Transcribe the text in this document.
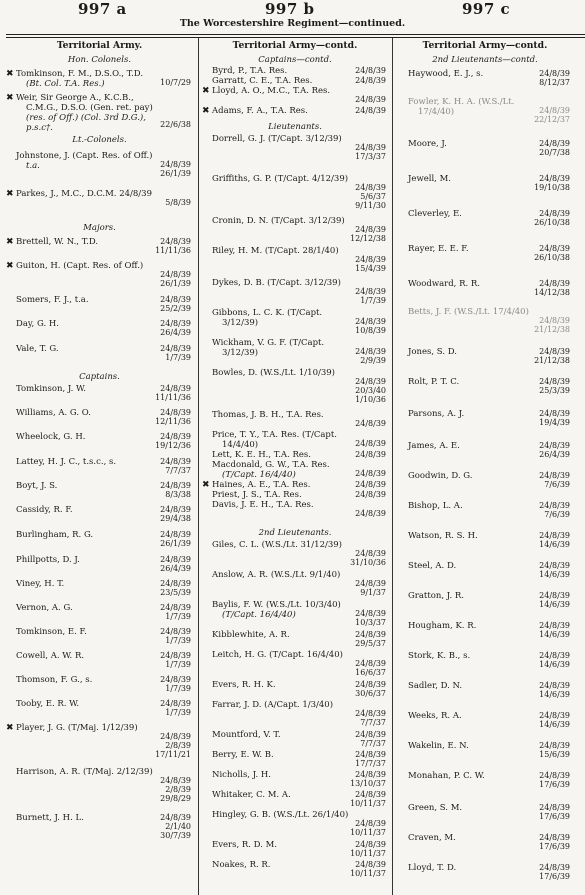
997 a	997 b	997 c
The Worcestershire Regiment—continued.
Territorial Army.
Hon. Colonels.
✖ Tomkinson, F. M., D.S.O., T.D.
(Bt. Col. T.A. Res.)	10/7/29
✖ Weir, Sir George A., K.C.B.,
C.M.G., D.S.O. (Gen. ret. pay)
(res. of Off.) (Col. 3rd D.G.),
p.s.c†.	22/6/38
Lt.-Colonels.
Johnstone, J. (Capt. Res. of Off.)
t.a.	24/8/39
26/1/39
✖ Parkes, J., M.C., D.C.M. 24/8/39
5/8/39
Majors.
✖ Brettell, W. N., T.D.	24/8/39
11/11/36
✖ Guiton, H. (Capt. Res. of Off.)
24/8/39
26/1/39
Somers, F. J., t.a.	24/8/39
25/2/39
Day, G. H.	24/8/39
26/4/39
Vale, T. G.	24/8/39
1/7/39
Captains.
Tomkinson, J. W.	24/8/39
11/11/36
Williams, A. G. O.	24/8/39
12/11/36
Wheelock, G. H.	24/8/39
19/12/36
Lattey, H. J. C., t.s.c., s.	24/8/39
7/7/37
Boyt, J. S.	24/8/39
8/3/38
Cassidy, R. F.	24/8/39
29/4/38
Burlingham, R. G.	24/8/39
26/1/39
Phillpotts, D. J.	24/8/39
26/4/39
Viney, H. T.	24/8/39
23/5/39
Vernon, A. G.	24/8/39
1/7/39
Tomkinson, E. F.	24/8/39
1/7/39
Cowell, A. W. R.	24/8/39
1/7/39
Thomson, F. G., s.	24/8/39
1/7/39
Tooby, E. R. W.	24/8/39
1/7/39
✖ Player, J. G. (T/Maj. 1/12/39)
24/8/39
2/8/39
17/11/21
Harrison, A. R. (T/Maj. 2/12/39)
24/8/39
2/8/39
29/8/29
Burnett, J. H. L.	24/8/39
2/1/40
30/7/39
Territorial Army—contd.
Captains—contd.
Byrd, P., T.A. Res.	24/8/39
Garratt, C. E., T.A. Res.	24/8/39
✖ Lloyd, A. O., M.C., T.A. Res.
24/8/39
✖ Adams, F. A., T.A. Res.	24/8/39
Lieutenants.
Dorrell, G. J. (T/Capt. 3/12/39)
24/8/39
17/3/37
Griffiths, G. P. (T/Capt. 4/12/39)
24/8/39
5/6/37
9/11/30
Cronin, D. N. (T/Capt. 3/12/39)
24/8/39
12/12/38
Riley, H. M. (T/Capt. 28/1/40)
24/8/39
15/4/39
Dykes, D. B. (T/Capt. 3/12/39)
24/8/39
1/7/39
Gibbons, L. C. K. (T/Capt.
3/12/39)	24/8/39
10/8/39
Wickham, V. G. F. (T/Capt.
3/12/39)	24/8/39
2/9/39
Bowles, D. (W.S./Lt. 1/10/39)
24/8/39
20/3/40
1/10/36
Thomas, J. B. H., T.A. Res.
24/8/39
Price, T. Y., T.A. Res. (T/Capt.
14/4/40)	24/8/39
Lett, K. E. H., T.A. Res.	24/8/39
Macdonald, G. W., T.A. Res.
(T/Capt. 16/4/40)	24/8/39
✖ Haines, A. E., T.A. Res.	24/8/39
Priest, J. S., T.A. Res.	24/8/39
Davis, J. E. H., T.A. Res.
24/8/39
2nd Lieutenants.
Giles, C. L. (W.S./Lt. 31/12/39)
24/8/39
31/10/36
Anslow, A. R. (W.S./Lt. 9/1/40)
24/8/39
9/1/37
Baylis, F. W. (W.S./Lt. 10/3/40)
(T/Capt. 16/4/40)	24/8/39
10/3/37
Kibblewhite, A. R.	24/8/39
29/5/37
Leitch, H. G. (T/Capt. 16/4/40)
24/8/39
16/6/37
Evers, R. H. K.	24/8/39
30/6/37
Farrar, J. D. (A/Capt. 1/3/40)
24/8/39
7/7/37
Mountford, V. T.	24/8/39
7/7/37
Berry, E. W. B.	24/8/39
17/7/37
Nicholls, J. H.	24/8/39
13/10/37
Whitaker, C. M. A.	24/8/39
10/11/37
Hingley, G. B. (W.S./Lt. 26/1/40)
24/8/39
10/11/37
Evers, R. D. M.	24/8/39
10/11/37
Noakes, R. R.	24/8/39
10/11/37
Territorial Army—contd.
2nd Lieutenants—contd.
Haywood, E. J., s.	24/8/39
8/12/37
Fowler, K. H. A. (W.S./Lt.
17/4/40)	24/8/39
22/12/37
Moore, J.	24/8/39
20/7/38
Jewell, M.	24/8/39
19/10/38
Cleverley, E.	24/8/39
26/10/38
Rayer, E. E. F.	24/8/39
26/10/38
Woodward, R. R.	24/8/39
14/12/38
Betts, J. F. (W.S./Lt. 17/4/40)
24/8/39
21/12/38
Jones, S. D.	24/8/39
21/12/38
Rolt, P. T. C.	24/8/39
25/3/39
Parsons, A. J.	24/8/39
19/4/39
James, A. E.	24/8/39
26/4/39
Goodwin, D. G.	24/8/39
7/6/39
Bishop, L. A.	24/8/39
7/6/39
Watson, R. S. H.	24/8/39
14/6/39
Steel, A. D.	24/8/39
14/6/39
Gratton, J. R.	24/8/39
14/6/39
Hougham, K. R.	24/8/39
14/6/39
Stork, K. B., s.	24/8/39
14/6/39
Sadler, D. N.	24/8/39
14/6/39
Weeks, R. A.	24/8/39
14/6/39
Wakelin, E. N.	24/8/39
15/6/39
Monahan, P. C. W.	24/8/39
17/6/39
Green, S. M.	24/8/39
17/6/39
Craven, M.	24/8/39
17/6/39
Lloyd, T. D.	24/8/39
17/6/39
